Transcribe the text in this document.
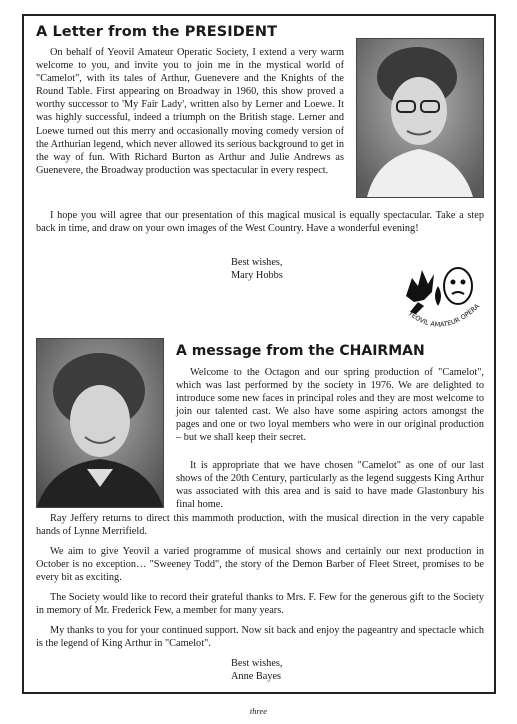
A Letter from the PRESIDENT
On behalf of Yeovil Amateur Operatic Society, I extend a very warm welcome to you, and invite you to join me in the mystical world of "Camelot", with its tales of Arthur, Guenevere and the Knights of the Round Table. First appearing on Broadway in 1960, this show proved a worthy successor to 'My Fair Lady', written also by Lerner and Loewe. It was highly successful, indeed a triumph on the British stage. Lerner and Loewe turned out this merry and occasionally moving comedy version of the Arthurian legend, which never allowed its serious background to get in the way of fun. With Richard Burton as Arthur and Julie Andrews as Guenevere, the Broadway production was spectacular in every respect.
I hope you will agree that our presentation of this magical musical is equally spectacular. Take a step back in time, and draw on your own images of the West Country. Have a wonderful evening!
Best wishes,
Mary Hobbs
YEOVIL AMATEUR OPERA
A message from the CHAIRMAN
Welcome to the Octagon and our spring production of "Camelot", which was last performed by the society in 1976. We are delighted to introduce some new faces in principal roles and they are most welcome to join our talented cast. We also have some aspiring actors amongst the pages and one or two loyal members who were in our original production – but we shall keep their secret.
It is appropriate that we have chosen "Camelot" as one of our last shows of the 20th Century, particularly as the legend suggests King Arthur was associated with this area and is said to have made Glastonbury his final home.
Ray Jeffery returns to direct this mammoth production, with the musical direction in the very capable hands of Lynne Merrifield.
We aim to give Yeovil a varied programme of musical shows and certainly our next production in October is no exception… "Sweeney Todd", the story of the Demon Barber of Fleet Street, promises to be every bit as exciting.
The Society would like to record their grateful thanks to Mrs. F. Few for the generous gift to the Society in memory of Mr. Frederick Few, a member for many years.
My thanks to you for your continued support. Now sit back and enjoy the pageantry and spectacle which is the legend of King Arthur in "Camelot".
Best wishes,
Anne Bayes
three
